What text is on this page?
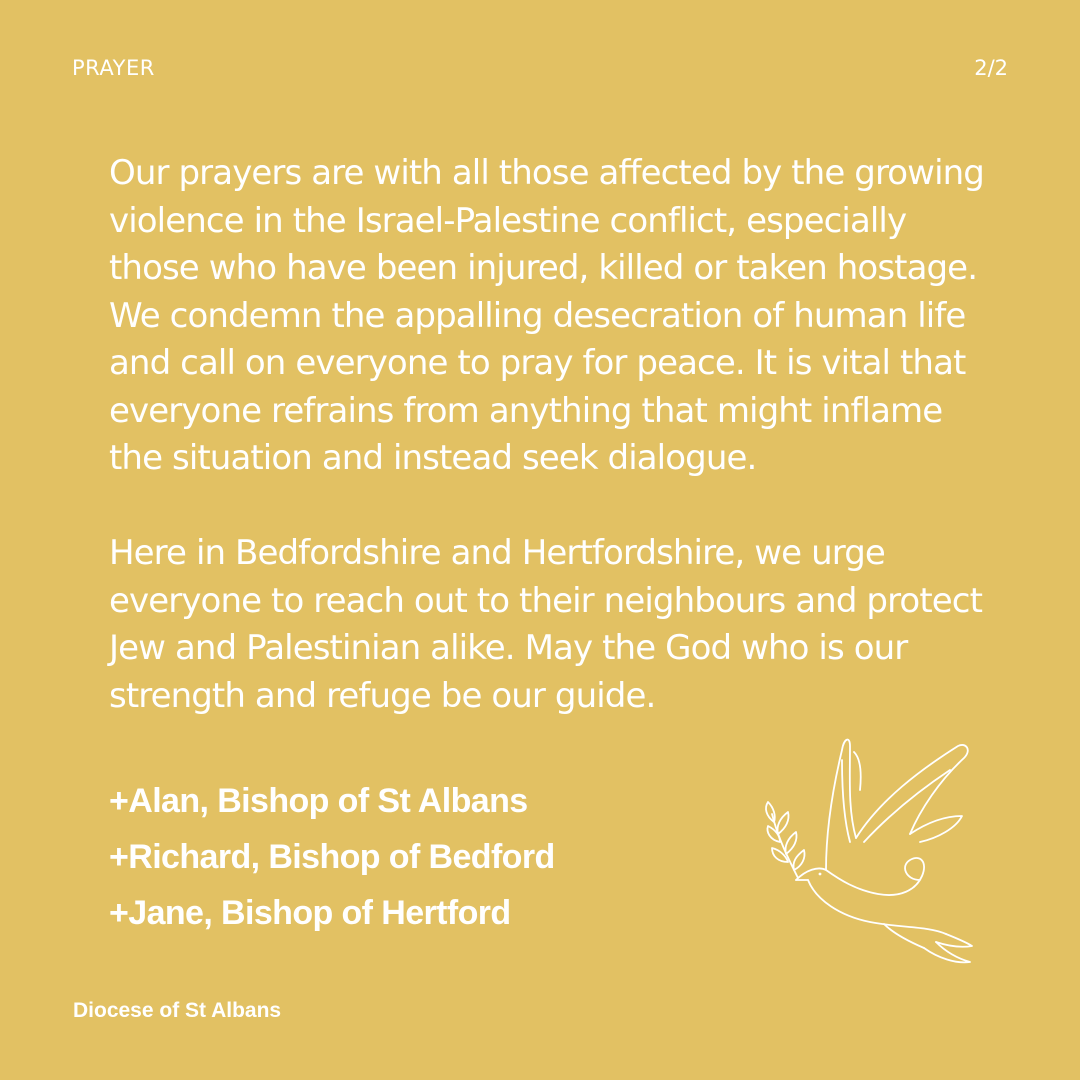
PRAYER	2/2

Our prayers are with all those affected by the growing
violence in the Israel-Palestine conflict, especially
those who have been injured, killed or taken hostage.
We condemn the appalling desecration of human life
and call on everyone to pray for peace. It is vital that
everyone refrains from anything that might inflame
the situation and instead seek dialogue.

Here in Bedfordshire and Hertfordshire, we urge
everyone to reach out to their neighbours and protect
Jew and Palestinian alike. May the God who is our
strength and refuge be our guide.

+Alan, Bishop of St Albans
+Richard, Bishop of Bedford
+Jane, Bishop of Hertford
Diocese of St Albans
